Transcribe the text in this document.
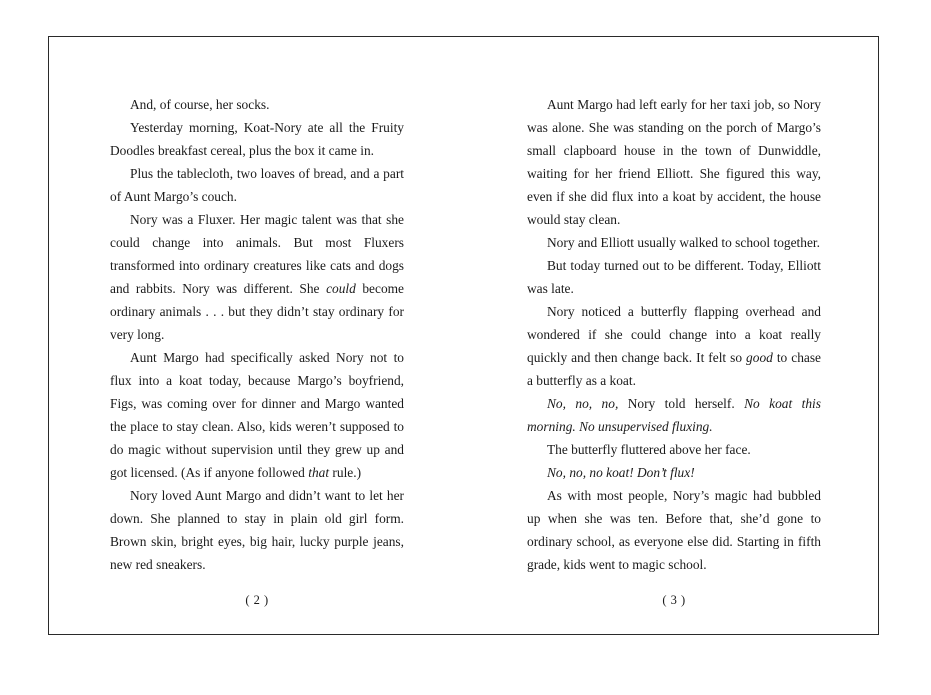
And, of course, her socks.

Yesterday morning, Koat-Nory ate all the Fruity Doodles breakfast cereal, plus the box it came in.

Plus the tablecloth, two loaves of bread, and a part of Aunt Margo’s couch.

Nory was a Fluxer. Her magic talent was that she could change into animals. But most Fluxers transformed into ordinary creatures like cats and dogs and rabbits. Nory was different. She could become ordinary animals . . . but they didn’t stay ordinary for very long.

Aunt Margo had specifically asked Nory not to flux into a koat today, because Margo’s boyfriend, Figs, was coming over for dinner and Margo wanted the place to stay clean. Also, kids weren’t supposed to do magic without supervision until they grew up and got licensed. (As if anyone followed that rule.)

Nory loved Aunt Margo and didn’t want to let her down. She planned to stay in plain old girl form. Brown skin, bright eyes, big hair, lucky purple jeans, new red sneakers.

( 2 )

Aunt Margo had left early for her taxi job, so Nory was alone. She was standing on the porch of Margo’s small clapboard house in the town of Dunwiddle, waiting for her friend Elliott. She figured this way, even if she did flux into a koat by accident, the house would stay clean.

Nory and Elliott usually walked to school together.

But today turned out to be different. Today, Elliott was late.

Nory noticed a butterfly flapping overhead and wondered if she could change into a koat really quickly and then change back. It felt so good to chase a butterfly as a koat.

No, no, no, Nory told herself. No koat this morning. No unsupervised fluxing.

The butterfly fluttered above her face.

No, no, no koat! Don’t flux!

As with most people, Nory’s magic had bubbled up when she was ten. Before that, she’d gone to ordinary school, as everyone else did. Starting in fifth grade, kids went to magic school.

( 3 )
